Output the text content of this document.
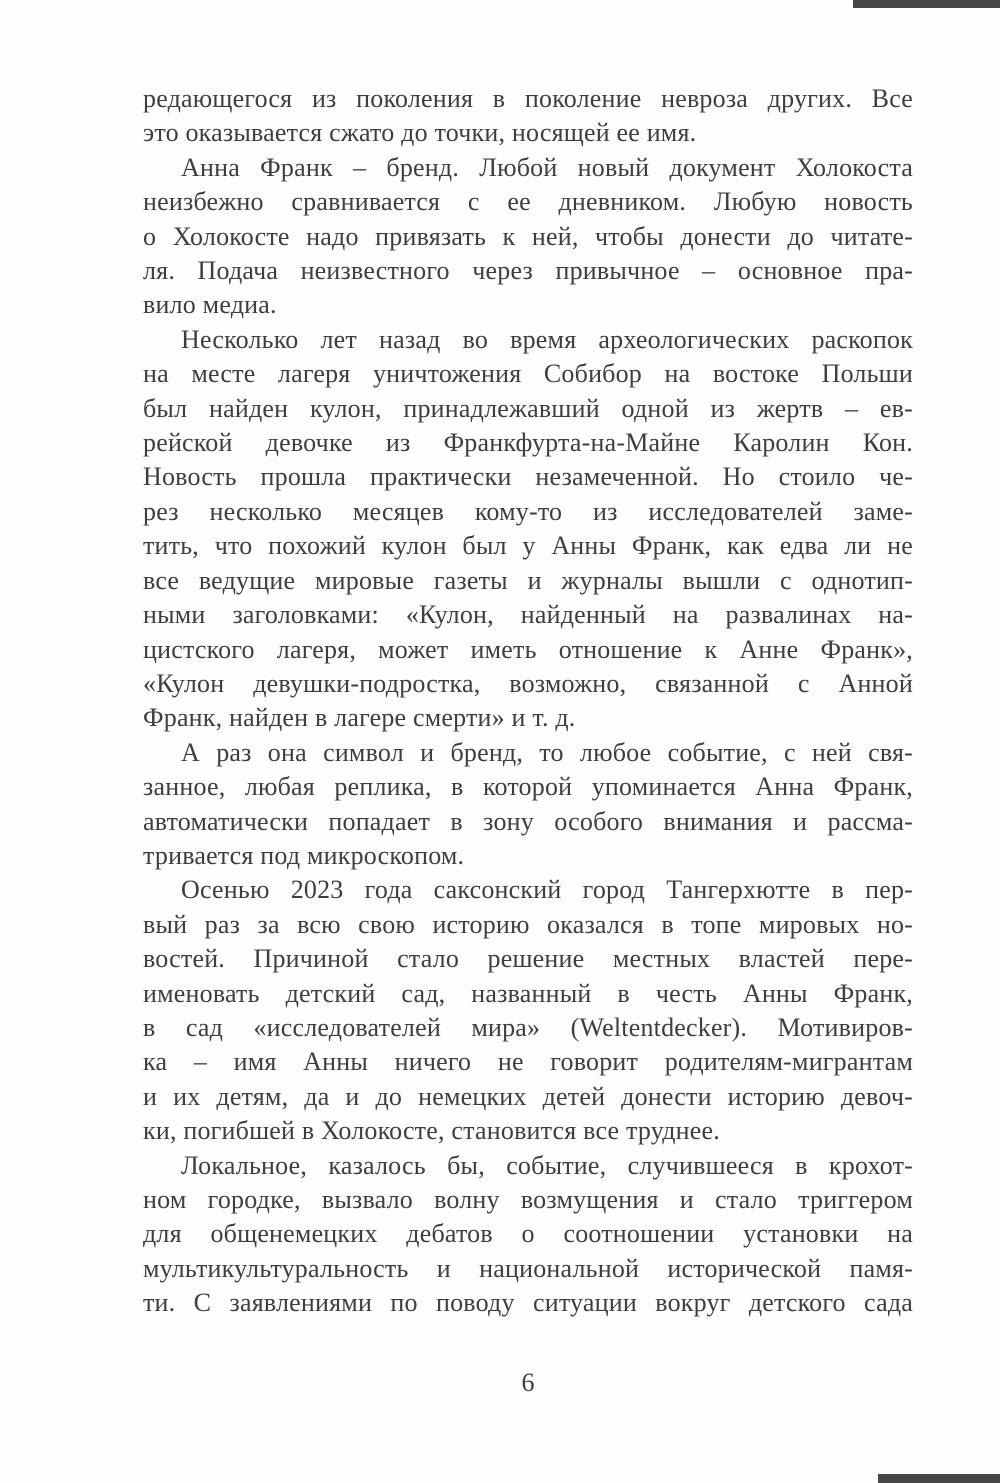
редающегося из поколения в поколение невроза других. Все
это оказывается сжато до точки, носящей ее имя.
Анна Франк – бренд. Любой новый документ Холокоста
неизбежно сравнивается с ее дневником. Любую новость
о Холокосте надо привязать к ней, чтобы донести до читате-
ля. Подача неизвестного через привычное – основное пра-
вило медиа.
Несколько лет назад во время археологических раскопок
на месте лагеря уничтожения Собибор на востоке Польши
был найден кулон, принадлежавший одной из жертв – ев-
рейской девочке из Франкфурта-на-Майне Каролин Кон.
Новость прошла практически незамеченной. Но стоило че-
рез несколько месяцев кому-то из исследователей заме-
тить, что похожий кулон был у Анны Франк, как едва ли не
все ведущие мировые газеты и журналы вышли с однотип-
ными заголовками: «Кулон, найденный на развалинах на-
цистского лагеря, может иметь отношение к Анне Франк»,
«Кулон девушки-подростка, возможно, связанной с Анной
Франк, найден в лагере смерти» и т. д.
А раз она символ и бренд, то любое событие, с ней свя-
занное, любая реплика, в которой упоминается Анна Франк,
автоматически попадает в зону особого внимания и рассма-
тривается под микроскопом.
Осенью 2023 года саксонский город Тангерхютте в пер-
вый раз за всю свою историю оказался в топе мировых но-
востей. Причиной стало решение местных властей пере-
именовать детский сад, названный в честь Анны Франк,
в сад «исследователей мира» (Weltentdecker). Мотивиров-
ка – имя Анны ничего не говорит родителям-мигрантам
и их детям, да и до немецких детей донести историю девоч-
ки, погибшей в Холокосте, становится все труднее.
Локальное, казалось бы, событие, случившееся в крохот-
ном городке, вызвало волну возмущения и стало триггером
для общенемецких дебатов о соотношении установки на
мультикультуральность и национальной исторической памя-
ти. С заявлениями по поводу ситуации вокруг детского сада
6
